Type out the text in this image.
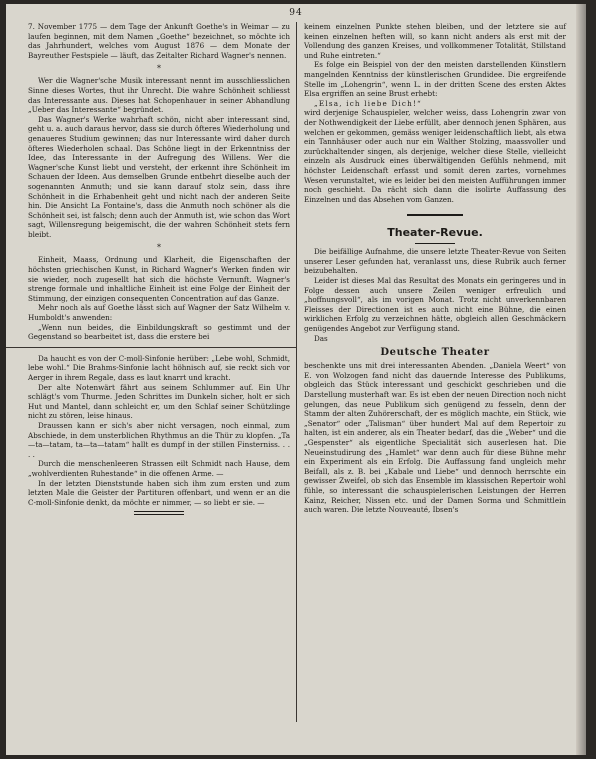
94

7. November 1775 — dem Tage der Ankunft Goethe's in Weimar — zu laufen beginnen, mit dem Namen „Goethe“ bezeichnet, so möchte ich das Jahrhundert, welches vom August 1876 — dem Monate der Bayreuther Festspiele — läuft, das Zeitalter Richard Wagner's nennen.

*

Wer die Wagner'sche Musik interessant nennt im ausschliesslichen Sinne dieses Wortes, thut ihr Unrecht. Die wahre Schönheit schliesst das Interessante aus. Dieses hat Schopenhauer in seiner Abhandlung „Ueber das Interessante“ begründet.

Das Wagner's Werke wahrhaft schön, nicht aber interessant sind, geht u. a. auch daraus hervor, dass sie durch öfteres Wiederholung und genaueres Studium gewinnen; das nur Interessante wird daher durch öfteres Wiederholen schaal. Das Schöne liegt in der Erkenntniss der Idee, das Interessante in der Aufregung des Willens. Wer die Wagner'sche Kunst liebt und versteht, der erkennt ihre Schönheit im Schauen der Ideen. Aus demselben Grunde entbehrt dieselbe auch der sogenannten Anmuth; und sie kann darauf stolz sein, dass ihre Schönheit in die Erhabenheit geht und nicht nach der anderen Seite hin. Die Ansicht La Fontaine's, dass die Anmuth noch schöner als die Schönheit sei, ist falsch; denn auch der Anmuth ist, wie schon das Wort sagt, Willensregung beigemischt, die der wahren Schönheit stets fern bleibt.

*

Einheit, Maass, Ordnung und Klarheit, die Eigenschaften der höchsten griechischen Kunst, in Richard Wagner's Werken finden wir sie wieder, noch zugesellt hat sich die höchste Vernunft. Wagner's strenge formale und inhaltliche Einheit ist eine Folge der Einheit der Stimmung, der einzigen consequenten Concentration auf das Ganze.

Mehr noch als auf Goethe lässt sich auf Wagner der Satz Wilhelm v. Humboldt's anwenden:

„Wenn nun beides, die Einbildungskraft so gestimmt und der Gegenstand so bearbeitet ist, dass die erstere bei

Da haucht es von der C-moll-Sinfonie herüber: „Lebe wohl, Schmidt, lebe wohl.“ Die Brahms-Sinfonie lacht höhnisch auf, sie reckt sich vor Aerger in ihrem Regale, dass es laut knarrt und kracht.

Der alte Notenwärt fährt aus seinem Schlummer auf. Ein Uhr schlägt's vom Thurme. Jeden Schrittes im Dunkeln sicher, holt er sich Hut und Mantel, dann schleicht er, um den Schlaf seiner Schützlinge nicht zu stören, leise hinaus.

Draussen kann er sich's aber nicht versagen, noch einmal, zum Abschiede, in dem unsterblichen Rhythmus an die Thür zu klopfen. „Ta—ta—tatam, ta—ta—tatam“ hallt es dumpf in der stillen Finsterniss. . . . .

Durch die menschenleeren Strassen eilt Schmidt nach Hause, dem „wohlverdienten Ruhestande“ in die offenen Arme. —

In der letzten Dienststunde haben sich ihm zum ersten und zum letzten Male die Geister der Partituren offenbart, und wenn er an die C-moll-Sinfonie denkt, da möchte er nimmer, — so liebt er sie. —

keinem einzelnen Punkte stehen bleiben, und der letztere sie auf keinen einzelnen heften will, so kann nicht anders als erst mit der Vollendung des ganzen Kreises, und vollkommener Totalität, Stillstand und Ruhe eintreten.“

Es folge ein Beispiel von der den meisten darstellenden Künstlern mangelnden Kenntniss der künstlerischen Grundidee. Die ergreifende Stelle im „Lohengrin“, wenn L. in der dritten Scene des ersten Aktes Elsa ergriffen an seine Brust erhebt:

„Elsa, ich liebe Dich!“

wird derjenige Schauspieler, welcher weiss, dass Lohengrin zwar von der Nothwendigkeit der Liebe erfüllt, aber dennoch jenen Sphären, aus welchen er gekommen, gemäss weniger leidenschaftlich liebt, als etwa ein Tannhäuser oder auch nur ein Walther Stolzing, maassvoller und zurückhaltender singen, als derjenige, welcher diese Stelle, vielleicht einzeln als Ausdruck eines überwältigenden Gefühls nehmend, mit höchster Leidenschaft erfasst und somit deren zartes, vornehmes Wesen verunstaltet, wie es leider bei den meisten Aufführungen immer noch geschieht. Da rächt sich dann die isolirte Auffassung des Einzelnen und das Absehen vom Ganzen.

Theater-Revue.

Die beifällige Aufnahme, die unsere letzte Theater-Revue von Seiten unserer Leser gefunden hat, veranlasst uns, diese Rubrik auch ferner beizubehalten.

Leider ist dieses Mal das Resultat des Monats ein geringeres und in Folge dessen auch unsere Zeilen weniger erfreulich und „hoffnungsvoll“, als im vorigen Monat. Trotz nicht unverkennbaren Fleisses der Directionen ist es auch nicht eine Bühne, die einen wirklichen Erfolg zu verzeichnen hätte, obgleich allen Geschmäckern genügendes Angebot zur Verfügung stand.

Das

Deutsche Theater

beschenkte uns mit drei interessanten Abenden. „Daniela Weert“ von E. von Wolzogen fand nicht das dauernde Interesse des Publikums, obgleich das Stück interessant und geschickt geschrieben und die Darstellung musterhaft war. Es ist eben der neuen Direction noch nicht gelungen, das neue Publikum sich genügend zu fesseln, denn der Stamm der alten Zuhörerschaft, der es möglich machte, ein Stück, wie „Senator“ oder „Talisman“ über hundert Mal auf dem Repertoir zu halten, ist ein anderer, als ein Theater bedarf, das die „Weber“ und die „Gespenster“ als eigentliche Specialität sich auserlesen hat. Die Neueinstudirung des „Hamlet“ war denn auch für diese Bühne mehr ein Experiment als ein Erfolg. Die Auffassung fand ungleich mehr Beifall, als z. B. bei „Kabale und Liebe“ und dennoch herrschte ein gewisser Zweifel, ob sich das Ensemble im klassischen Repertoir wohl fühle, so interessant die schauspielerischen Leistungen der Herren Kainz, Reicher, Nissen etc. und der Damen Sorma und Schmittlein auch waren. Die letzte Nouveauté, Ibsen's
